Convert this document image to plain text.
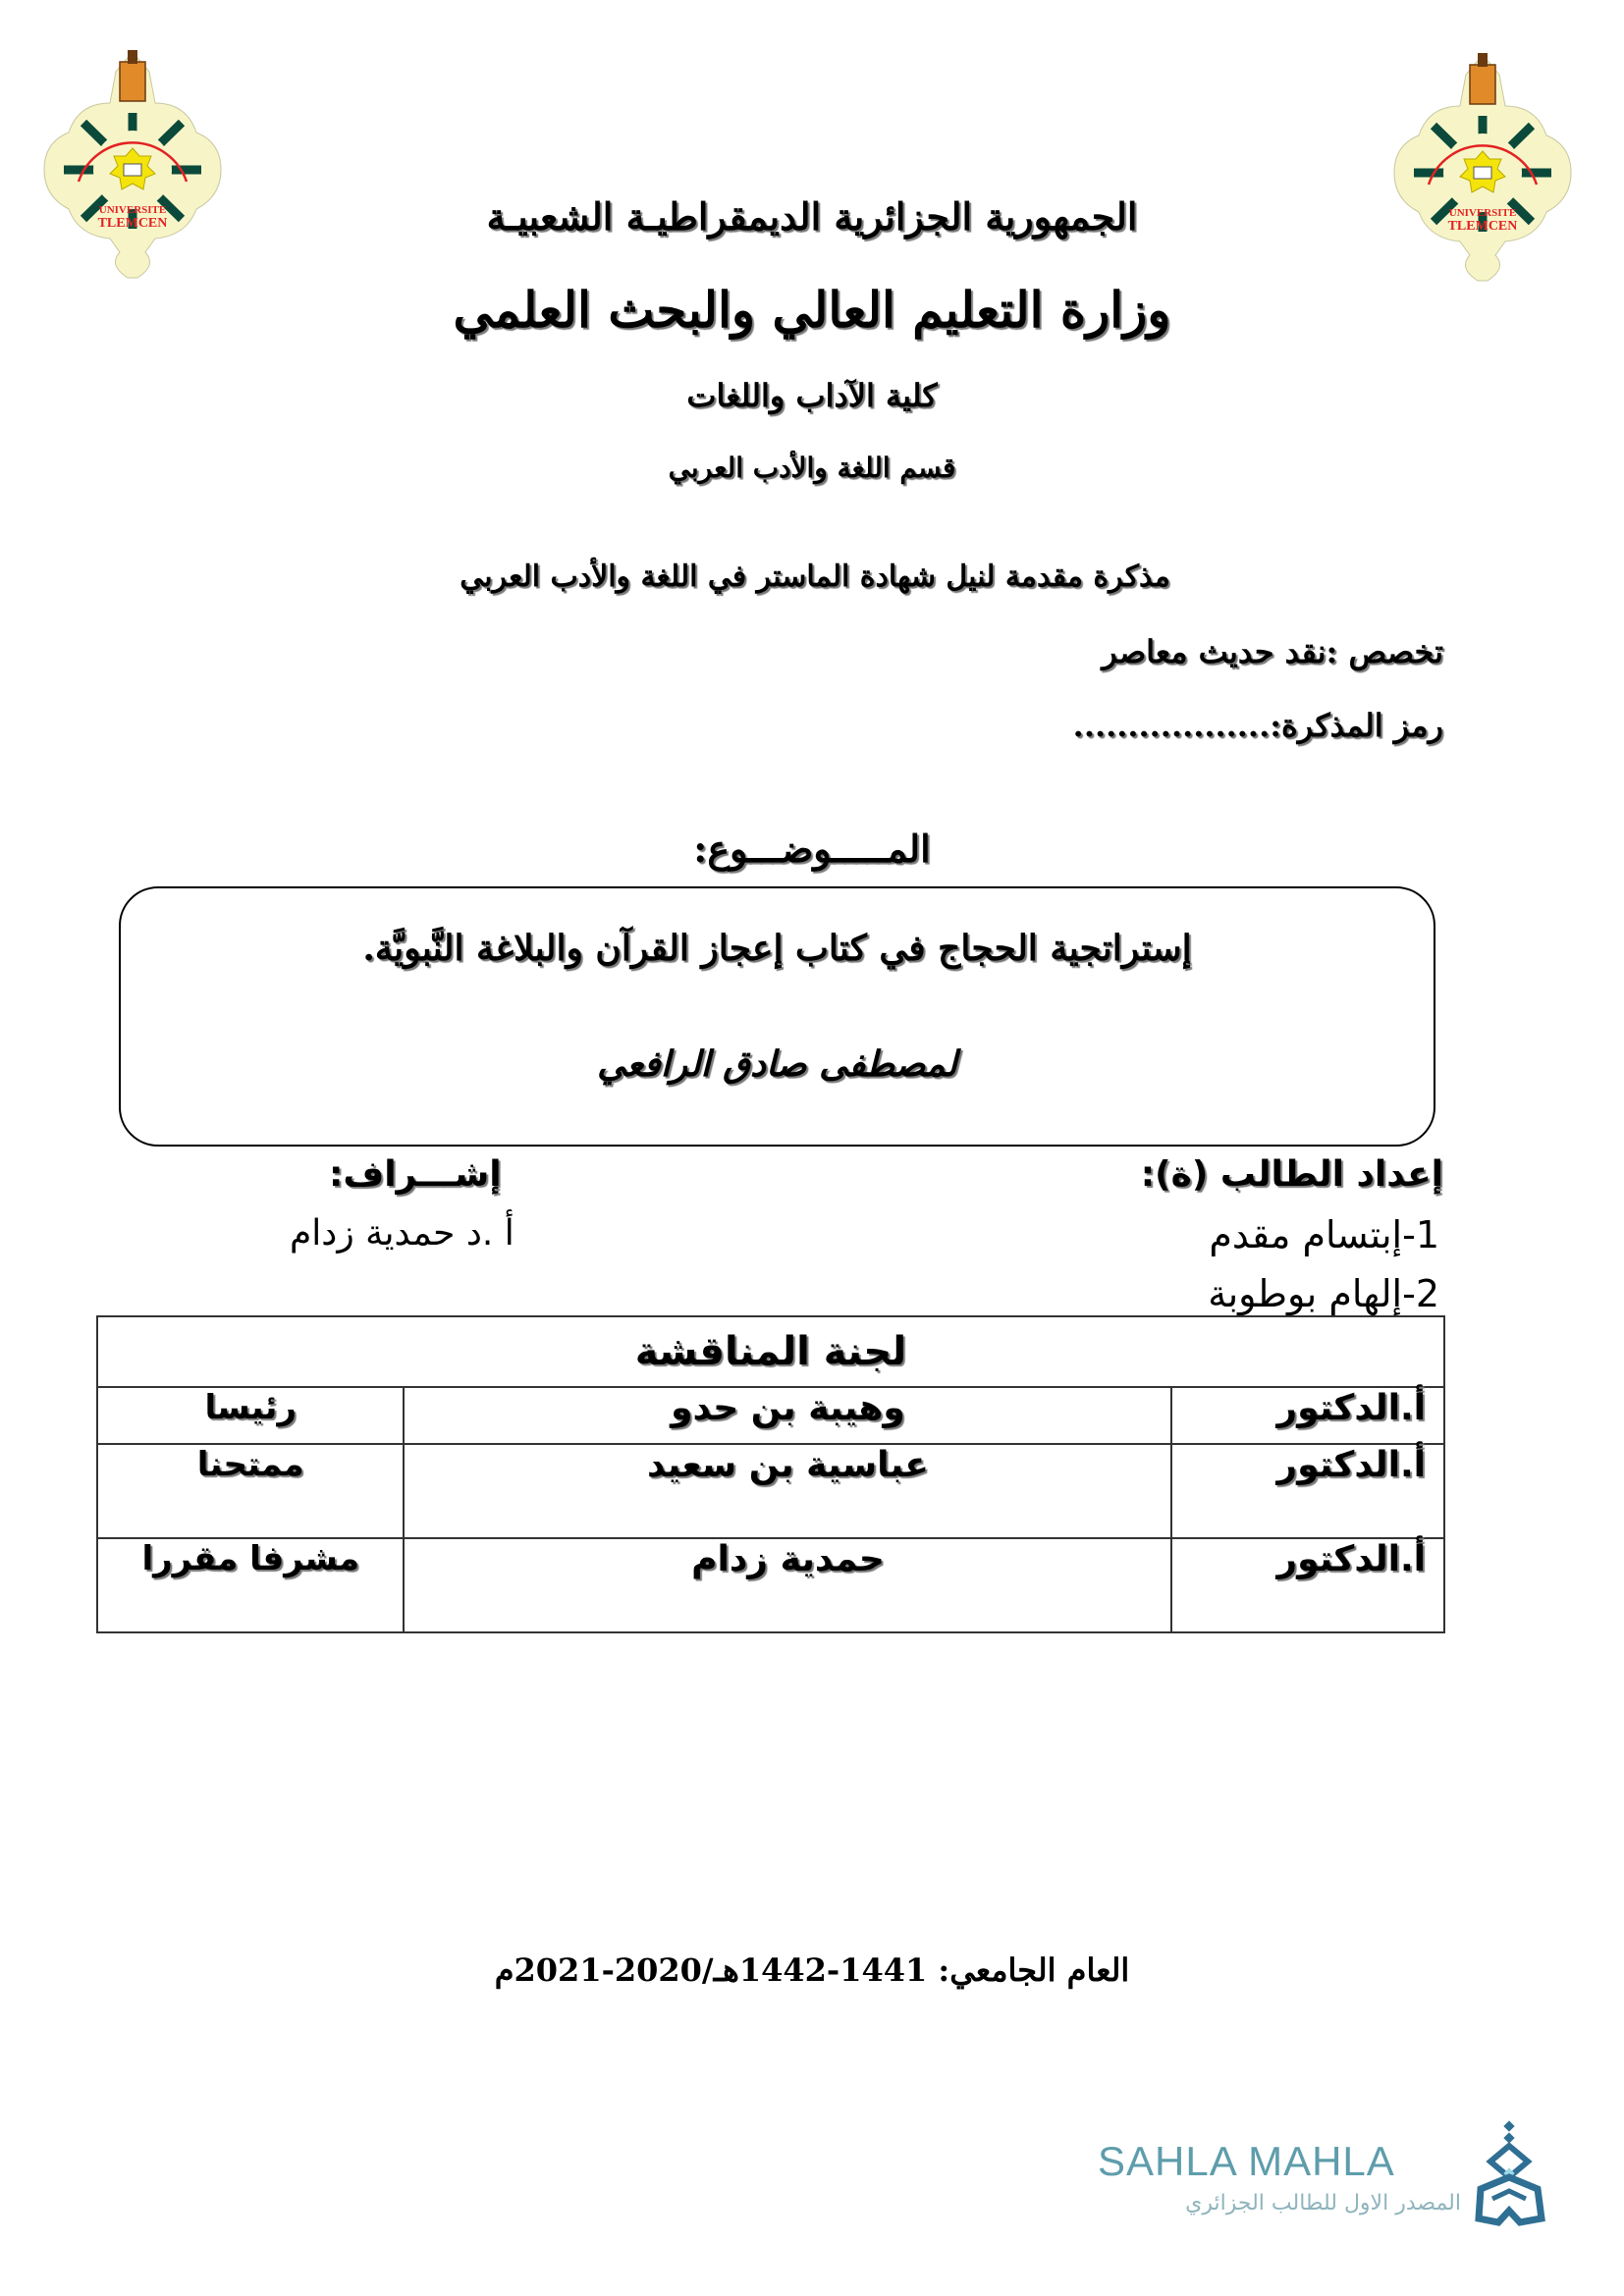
UNIVERSITE
TLEMCEN
UNIVERSITE
TLEMCEN
الجمهورية الجزائرية الديمقراطيـة الشعبيـة
وزارة التعليم العالي والبحث العلمي
كلية الآداب واللغات
قسم اللغة والأدب العربي
مذكرة مقدمة لنيل شهادة الماستر في اللغة والأدب العربي
تخصص :نقد حديث معاصر
رمز المذكرة:..................
المـــــوضـــوع:
إستراتجية الحجاج في كتاب إعجاز القرآن والبلاغة النَّبويَّة.
لمصطفى صادق الرافعي
إعداد الطالب (ة):
1-إبتسام مقدم
2-إلهام بوطوبة
إشـــراف:
أ .د حمدية زدام
لجنة المناقشة		
أ.الدكتور	وهيبة بن حدو	رئيسا
أ.الدكتور	عباسية بن سعيد	ممتحنا
أ.الدكتور	حمدية زدام	مشرفا مقررا
العام الجامعي: 1441-1442هـ/2020-2021م
SAHLA MAHLA
المصدر الاول للطالب الجزائري
